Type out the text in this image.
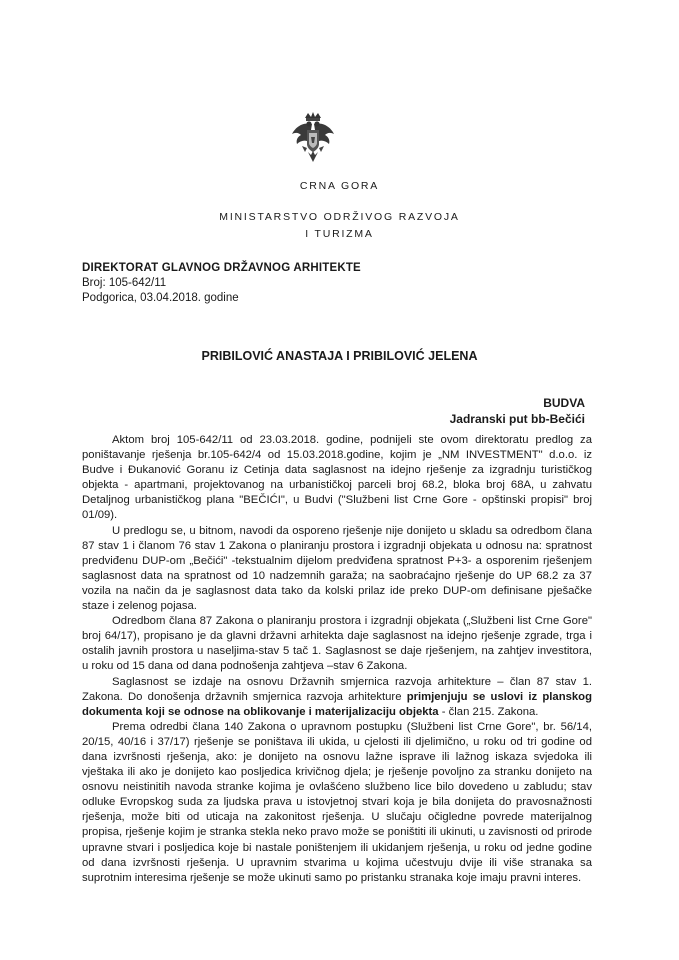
CRNA GORA
MINISTARSTVO ODRŽIVOG RAZVOJA
I TURIZMA
DIREKTORAT GLAVNOG DRŽAVNOG ARHITEKTE
Broj: 105-642/11
Podgorica, 03.04.2018. godine
PRIBILOVIĆ ANASTAJA I PRIBILOVIĆ JELENA
BUDVA
Jadranski put bb-Bečići

Aktom broj 105-642/11 od 23.03.2018. godine, podnijeli ste ovom direktoratu predlog za poništavanje rješenja br.105-642/4 od 15.03.2018.godine, kojim je „NM INVESTMENT" d.o.o. iz Budve i Đukanović Goranu iz Cetinja data saglasnost na idejno rješenje za izgradnju turističkog objekta - apartmani, projektovanog na urbanističkoj parceli broj 68.2, bloka broj 68A, u zahvatu Detaljnog urbanističkog plana "BEČIĆI", u Budvi ("Službeni list Crne Gore - opštinski propisi" broj 01/09).

U predlogu se, u bitnom, navodi da osporeno rješenje nije donijeto u skladu sa odredbom člana 87 stav 1 i članom 76 stav 1 Zakona o planiranju prostora i izgradnji objekata u odnosu na: spratnost predviđenu DUP-om „Bečići" -tekstualnim dijelom predviđena spratnost P+3- a osporenim rješenjem saglasnost data na spratnost od 10 nadzemnih garaža; na saobraćajno rješenje do UP 68.2 za 37 vozila na način da je saglasnost data tako da kolski prilaz ide preko DUP-om definisane pješačke staze i zelenog pojasa.

Odredbom člana 87 Zakona o planiranju prostora i izgradnji objekata („Službeni list Crne Gore" broj 64/17), propisano je da glavni državni arhitekta daje saglasnost na idejno rješenje zgrade, trga i ostalih javnih prostora u naseljima-stav 5 tač 1. Saglasnost se daje rješenjem, na zahtjev investitora, u roku od 15 dana od dana podnošenja zahtjeva –stav 6 Zakona.

Saglasnost se izdaje na osnovu Državnih smjernica razvoja arhitekture – član 87 stav 1. Zakona. Do donošenja državnih smjernica razvoja arhitekture primjenjuju se uslovi iz planskog dokumenta koji se odnose na oblikovanje i materijalizaciju objekta - član 215. Zakona.

Prema odredbi člana 140 Zakona o upravnom postupku (Službeni list Crne Gore", br. 56/14, 20/15, 40/16 i 37/17) rješenje se poništava ili ukida, u cjelosti ili djelimično, u roku od tri godine od dana izvršnosti rješenja, ako: je donijeto na osnovu lažne isprave ili lažnog iskaza svjedoka ili vještaka ili ako je donijeto kao posljedica krivičnog djela; je rješenje povoljno za stranku donijeto na osnovu neistinitih navoda stranke kojima je ovlašćeno službeno lice bilo dovedeno u zabludu; stav odluke Evropskog suda za ljudska prava u istovjetnoj stvari koja je bila donijeta do pravosnažnosti rješenja, može biti od uticaja na zakonitost rješenja. U slučaju očigledne povrede materijalnog propisa, rješenje kojim je stranka stekla neko pravo može se poništiti ili ukinuti, u zavisnosti od prirode upravne stvari i posljedica koje bi nastale poništenjem ili ukidanjem rješenja, u roku od jedne godine od dana izvršnosti rješenja. U upravnim stvarima u kojima učestvuju dvije ili više stranaka sa suprotnim interesima rješenje se može ukinuti samo po pristanku stranaka koje imaju pravni interes.
